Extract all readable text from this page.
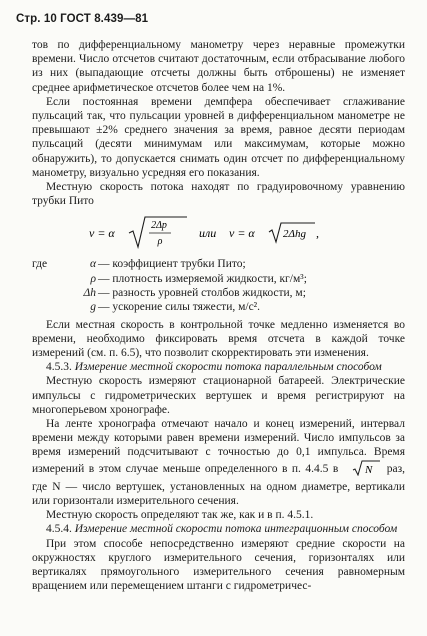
Стр. 10 ГОСТ 8.439—81

тов по дифференциальному манометру через неравные промежутки времени. Число отсчетов считают достаточным, если отбрасывание любого из них (выпадающие отсчеты должны быть отброшены) не изменяет среднее арифметическое отсчетов более чем на 1%.

Если постоянная времени демпфера обеспечивает сглаживание пульсаций так, что пульсации уровней в дифференциальном манометре не превышают ±2% среднего значения за время, равное десяти периодам пульсаций (десяти минимумам или максимумам, которые можно обнаружить), то допускается снимать один отсчет по дифференциальному манометру, визуально усредняя его показания.

Местную скорость потока находят по градуировочному уравнению трубки Пито

v = α
2Δp
ρ
или v = α	2Δhg ,
где	α — коэффициент трубки Пито;
ρ — плотность измеряемой жидкости, кг/м³;
Δh — разность уровней столбов жидкости, м;
g — ускорение силы тяжести, м/с².

Если местная скорость в контрольной точке медленно изменяется во времени, необходимо фиксировать время отсчета в каждой точке измерений (см. п. 6.5), что позволит скорректировать эти изменения.

4.5.3. Измерение местной скорости потока параллельным способом

Местную скорость измеряют стационарной батареей. Электрические импульсы с гидрометрических вертушек и время регистрируют на многоперьевом хронографе.

На ленте хронографа отмечают начало и конец измерений, интервал времени между которыми равен времени измерений. Число импульсов за время измерений подсчитывают с точностью до 0,1 импульса. Время измерений в этом случае меньше определенного в п. 4.4.5 в N раз, где N — число вертушек, установленных на одном диаметре, вертикали или горизонтали измерительного сечения.

Местную скорость определяют так же, как и в п. 4.5.1.

4.5.4. Измерение местной скорости потока интеграционным способом

При этом способе непосредственно измеряют средние скорости на окружностях круглого измерительного сечения, горизонталях или вертикалях прямоугольного измерительного сечения равномерным вращением или перемещением штанги с гидрометричес-
